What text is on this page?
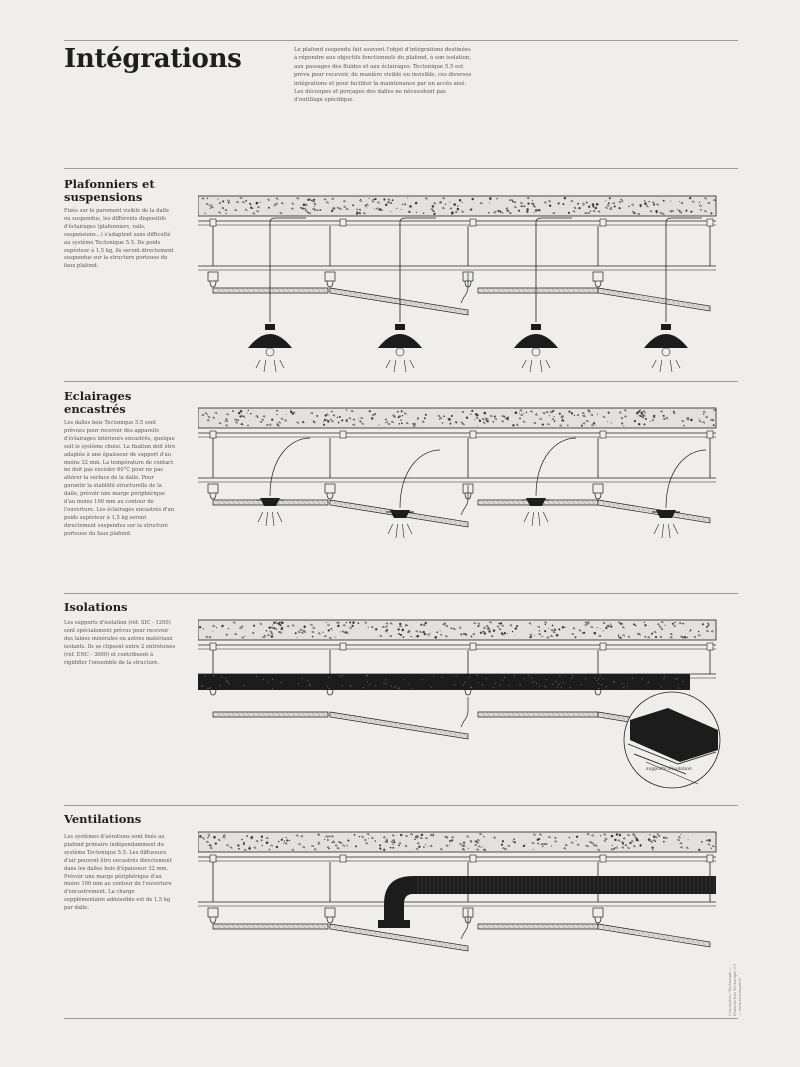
Intégrations	Le plafond suspendu fait souvent l'objet d'intégrations destinées à répondre aux objectifs fonctionnels du plafond, à son isolation, aux passages des fluides et aux éclairages. Tectonique 5.5 est prévu pour recevoir, de manière visible ou invisible, ces diverses intégrations et pour faciliter la maintenance par un accès aisé. Les découpes et perçages des dalles ne nécessitent pas d'outillage spécifique.
Plafonniers et suspensions
Fixés sur le parement visible de la dalle ou suspendus, les différents dispositifs d'éclairages (plafonniers, rails, suspensions...) s'adaptent sans difficulté au système Tectonique 5.5. De poids supérieur à 1,5 kg, ils seront directement suspendus sur la structure porteuse du faux plafond.
Eclairages encastrés
Les dalles bois Tectonique 5.5 sont prévues pour recevoir des appareils d'éclairages intérieurs encastrés, quelque soit le système choisi. La fixation doit être adaptée à une épaisseur de support d'au moins 32 mm. La température de contact ne doit pas excéder 60°C pour ne pas altérer la surface de la dalle. Pour garantir la stabilité structurelle de la dalle, prévoir une marge périphérique d'au moins 100 mm au contour de l'ouverture. Les éclairages encastrés d'un poids supérieur à 1,5 kg seront directement suspendus sur la structure porteuse du faux plafond.
Isolations
Les supports d'isolation (réf. SIC - 1200) sont spécialement prévus pour recevoir des laines minérales ou autres matériaux isolants. Ils se clipsent entre 2 entretoises (réf. ENC - 3000) et contribuent à rigidifier l'ensemble de la structure.
supports d'isolation
Ventilations
Les systèmes d'aérations sont fixés au plafond primaire indépendamment du système Tectonique 5.5. Les diffuseurs d'air peuvent être encastrés directement dans les dalles bois d'épaisseur 32 mm. Prévoir une marge périphérique d'au moins 100 mm au contour de l'ouverture d'encastrement. La charge supplémentaire admissible est de 1,5 kg par dalle.
Conception / Tectonique — Plafonds bois Tectonique 5.5 — www.tectonique.fr
